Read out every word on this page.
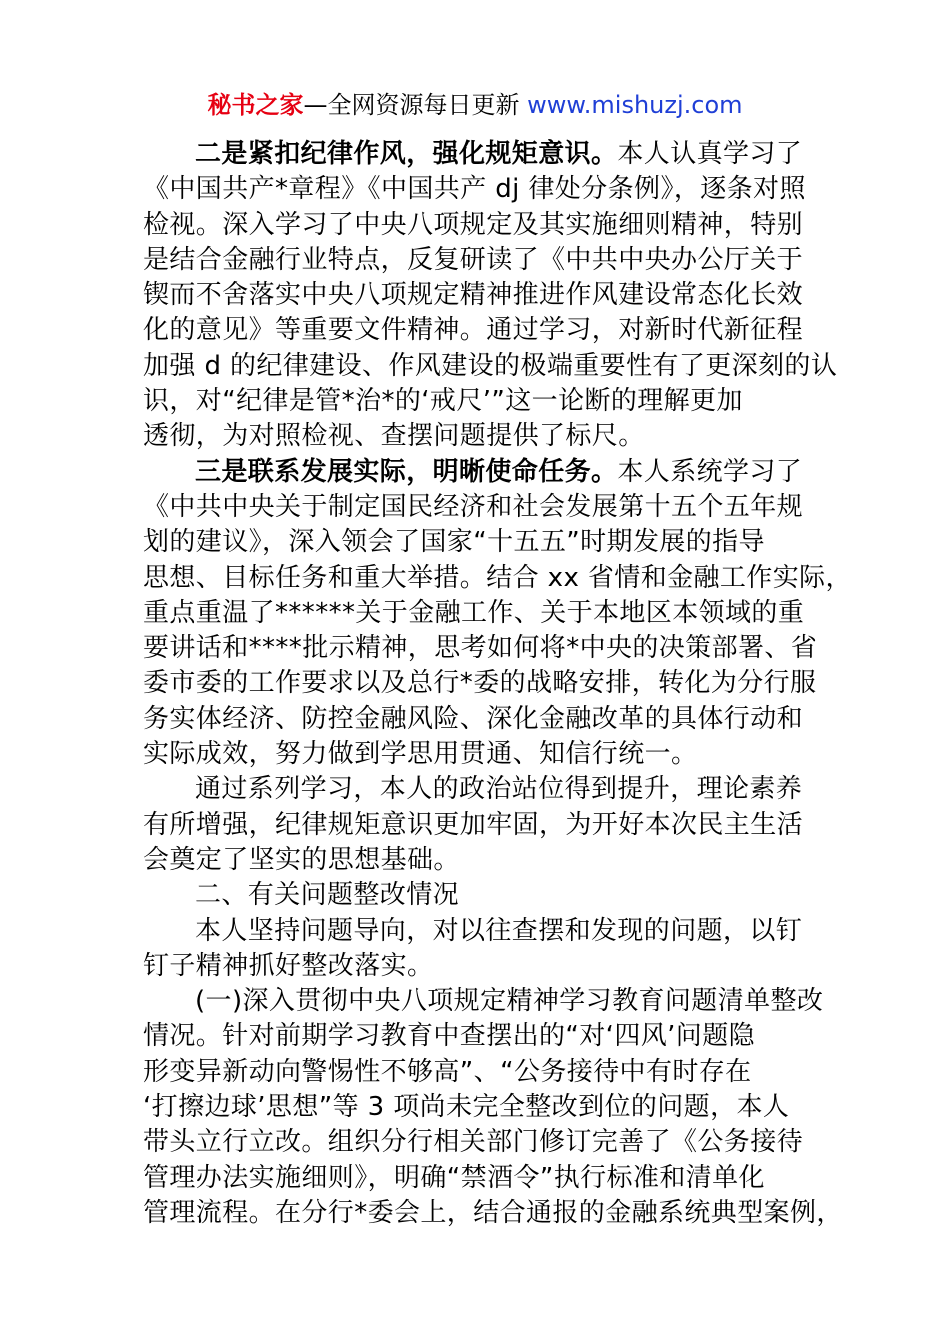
秘书之家—全网资源每日更新 www.mishuzj.com
二是紧扣纪律作风，强化规矩意识。本人认真学习了
《中国共产*章程》《中国共产 dj 律处分条例》，逐条对照
检视。深入学习了中央八项规定及其实施细则精神，特别
是结合金融行业特点，反复研读了《中共中央办公厅关于
锲而不舍落实中央八项规定精神推进作风建设常态化长效
化的意见》等重要文件精神。通过学习，对新时代新征程
加强 d 的纪律建设、作风建设的极端重要性有了更深刻的认
识，对“纪律是管*治*的‘戒尺’”这一论断的理解更加
透彻，为对照检视、查摆问题提供了标尺。
三是联系发展实际，明晰使命任务。本人系统学习了
《中共中央关于制定国民经济和社会发展第十五个五年规
划的建议》，深入领会了国家“十五五”时期发展的指导
思想、目标任务和重大举措。结合 xx 省情和金融工作实际，
重点重温了******关于金融工作、关于本地区本领域的重
要讲话和****批示精神，思考如何将*中央的决策部署、省
委市委的工作要求以及总行*委的战略安排，转化为分行服
务实体经济、防控金融风险、深化金融改革的具体行动和
实际成效，努力做到学思用贯通、知信行统一。
通过系列学习，本人的政治站位得到提升，理论素养
有所增强，纪律规矩意识更加牢固，为开好本次民主生活
会奠定了坚实的思想基础。
二、有关问题整改情况
本人坚持问题导向，对以往查摆和发现的问题，以钉
钉子精神抓好整改落实。
(一)深入贯彻中央八项规定精神学习教育问题清单整改
情况。针对前期学习教育中查摆出的“对‘四风’问题隐
形变异新动向警惕性不够高”、“公务接待中有时存在
‘打擦边球’思想”等 3 项尚未完全整改到位的问题，本人
带头立行立改。组织分行相关部门修订完善了《公务接待
管理办法实施细则》，明确“禁酒令”执行标准和清单化
管理流程。在分行*委会上，结合通报的金融系统典型案例，
